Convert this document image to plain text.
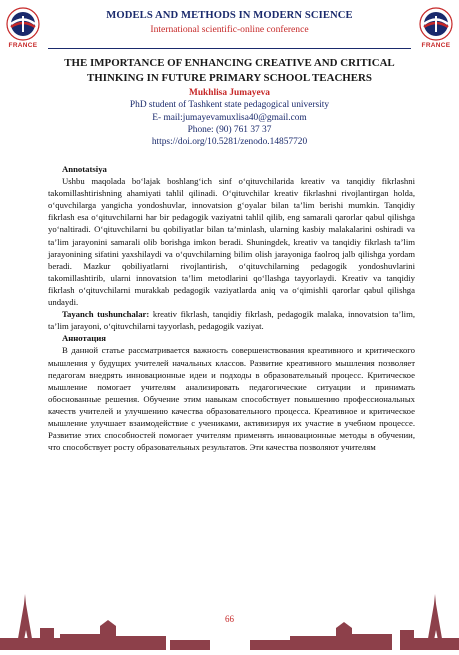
FRANCE
MODELS AND METHODS IN MODERN SCIENCE
International scientific-online conference
FRANCE
THE IMPORTANCE OF ENHANCING CREATIVE AND CRITICAL
THINKING IN FUTURE PRIMARY SCHOOL TEACHERS
Mukhlisa Jumayeva
PhD student of Tashkent state pedagogical university
E- mail:jumayevamuxlisa40@gmail.com
Phone: (90) 761 37 37
https://doi.org/10.5281/zenodo.14857720

Annotatsiya

Ushbu maqolada bo‘lajak boshlang‘ich sinf o‘qituvchilarida kreativ va tanqidiy fikrlashni takomillashtirishning ahamiyati tahlil qilinadi. O‘qituvchilar kreativ fikrlashni rivojlantirgan holda, o‘quvchilarga yangicha yondoshuvlar, innovatsion g‘oyalar bilan ta’lim berishi mumkin. Tanqidiy fikrlash esa o‘qituvchilarni har bir pedagogik vaziyatni tahlil qilib, eng samarali qarorlar qabul qilishga yo‘naltiradi. O‘qituvchilarni bu qobiliyatlar bilan ta’minlash, ularning kasbiy malakalarini oshiradi va ta’lim jarayonini samarali olib borishga imkon beradi. Shuningdek, kreativ va tanqidiy fikrlash ta’lim jarayonining sifatini yaxshilaydi va o‘quvchilarning bilim olish jarayoniga faolroq jalb qilishga yordam beradi. Mazkur qobiliyatlarni rivojlantirish, o‘qituvchilarning pedagogik yondoshuvlarini takomillashtirib, ularni innovatsion ta’lim metodlarini qo‘llashga tayyorlaydi. Kreativ va tanqidiy fikrlash o‘qituvchilarni murakkab pedagogik vaziyatlarda aniq va o‘qimishli qarorlar qabul qilishga undaydi.

Tayanch tushunchalar: kreativ fikrlash, tanqidiy fikrlash, pedagogik malaka, innovatsion ta’lim, ta’lim jarayoni, o‘qituvchilarni tayyorlash, pedagogik vaziyat.

Аннотация

В данной статье рассматривается важность совершенствования креативного и критического мышления у будущих учителей начальных классов. Развитие креативного мышления позволяет педагогам внедрять инновационные идеи и подходы в образовательный процесс. Критическое мышление помогает учителям анализировать педагогические ситуации и принимать обоснованные решения. Обучение этим навыкам способствует повышению профессиональных качеств учителей и улучшению качества образовательного процесса. Креативное и критическое мышление улучшает взаимодействие с учениками, активизируя их участие в учебном процессе. Развитие этих способностей помогает учителям применять инновационные методы в обучении, что способствует росту образовательных результатов. Эти качества позволяют учителям

66
